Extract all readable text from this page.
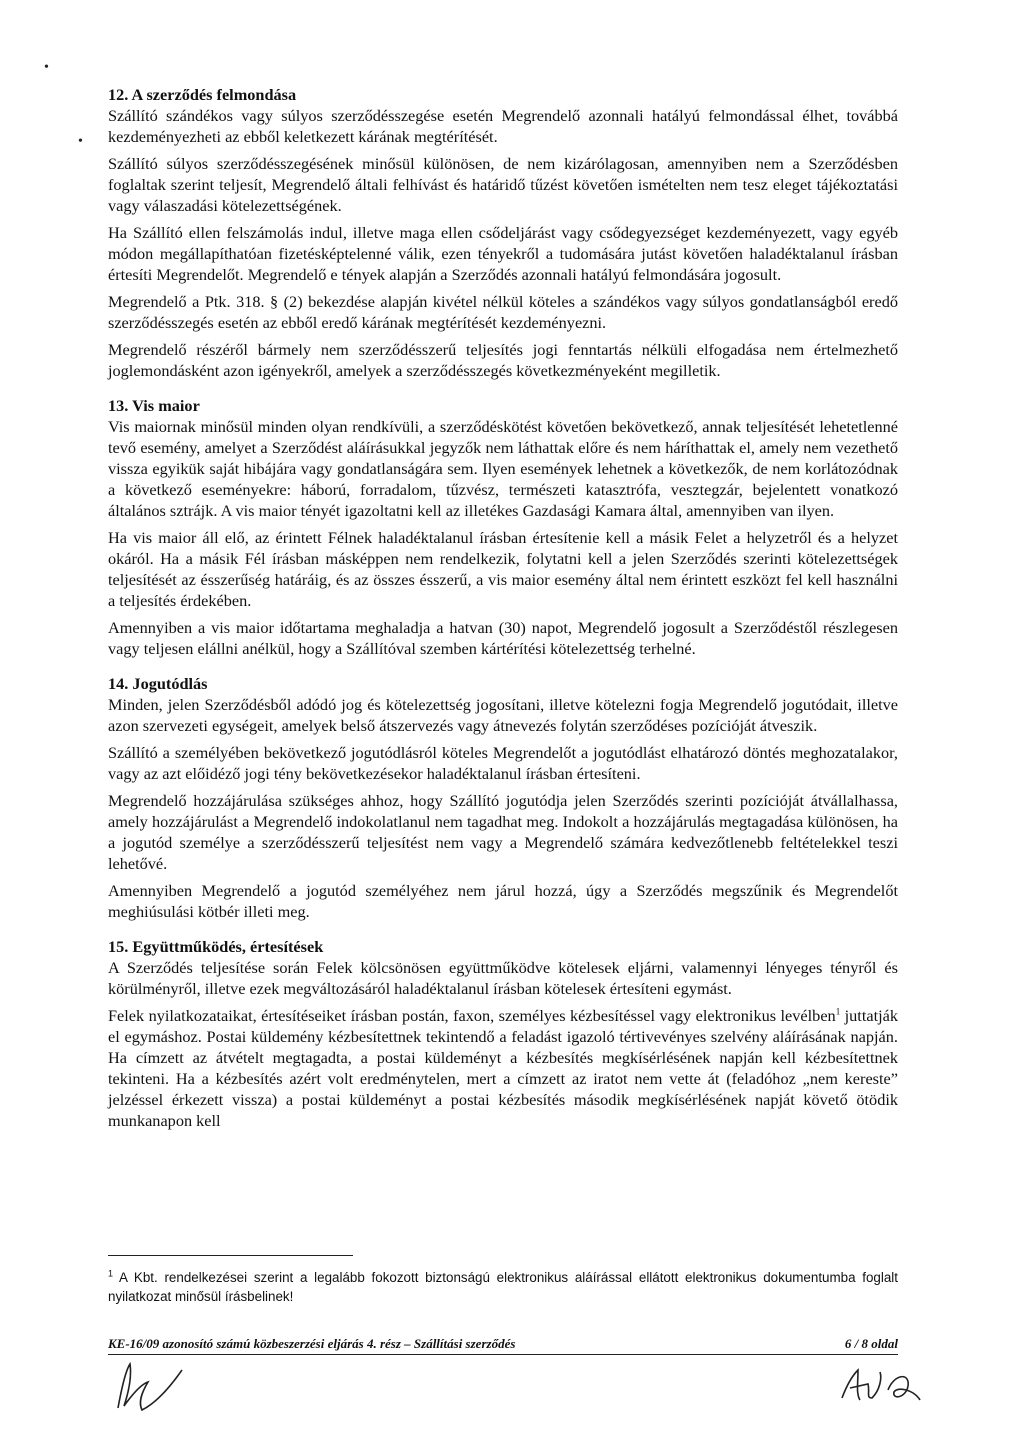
•
•
12. A szerződés felmondása

Szállító szándékos vagy súlyos szerződésszegése esetén Megrendelő azonnali hatályú felmondással élhet, továbbá kezdeményezheti az ebből keletkezett kárának megtérítését.

Szállító súlyos szerződésszegésének minősül különösen, de nem kizárólagosan, amennyiben nem a Szerződésben foglaltak szerint teljesít, Megrendelő általi felhívást és határidő tűzést követően ismételten nem tesz eleget tájékoztatási vagy válaszadási kötelezettségének.

Ha Szállító ellen felszámolás indul, illetve maga ellen csődeljárást vagy csődegyezséget kezdeményezett, vagy egyéb módon megállapíthatóan fizetésképtelenné válik, ezen tényekről a tudomására jutást követően haladéktalanul írásban értesíti Megrendelőt. Megrendelő e tények alapján a Szerződés azonnali hatályú felmondására jogosult.

Megrendelő a Ptk. 318. § (2) bekezdése alapján kivétel nélkül köteles a szándékos vagy súlyos gondatlanságból eredő szerződésszegés esetén az ebből eredő kárának megtérítését kezdeményezni.

Megrendelő részéről bármely nem szerződésszerű teljesítés jogi fenntartás nélküli elfogadása nem értelmezhető joglemondásként azon igényekről, amelyek a szerződésszegés következményeként megilletik.

13. Vis maior

Vis maiornak minősül minden olyan rendkívüli, a szerződéskötést követően bekövetkező, annak teljesítését lehetetlenné tevő esemény, amelyet a Szerződést aláírásukkal jegyzők nem láthattak előre és nem háríthattak el, amely nem vezethető vissza egyikük saját hibájára vagy gondatlanságára sem. Ilyen események lehetnek a következők, de nem korlátozódnak a következő eseményekre: háború, forradalom, tűzvész, természeti katasztrófa, vesztegzár, bejelentett vonatkozó általános sztrájk. A vis maior tényét igazoltatni kell az illetékes Gazdasági Kamara által, amennyiben van ilyen.

Ha vis maior áll elő, az érintett Félnek haladéktalanul írásban értesítenie kell a másik Felet a helyzetről és a helyzet okáról. Ha a másik Fél írásban másképpen nem rendelkezik, folytatni kell a jelen Szerződés szerinti kötelezettségek teljesítését az ésszerűség határáig, és az összes ésszerű, a vis maior esemény által nem érintett eszközt fel kell használni a teljesítés érdekében.

Amennyiben a vis maior időtartama meghaladja a hatvan (30) napot, Megrendelő jogosult a Szerződéstől részlegesen vagy teljesen elállni anélkül, hogy a Szállítóval szemben kártérítési kötelezettség terhelné.

14. Jogutódlás

Minden, jelen Szerződésből adódó jog és kötelezettség jogosítani, illetve kötelezni fogja Megrendelő jogutódait, illetve azon szervezeti egységeit, amelyek belső átszervezés vagy átnevezés folytán szerződéses pozícióját átveszik.

Szállító a személyében bekövetkező jogutódlásról köteles Megrendelőt a jogutódlást elhatározó döntés meghozatalakor, vagy az azt előidéző jogi tény bekövetkezésekor haladéktalanul írásban értesíteni.

Megrendelő hozzájárulása szükséges ahhoz, hogy Szállító jogutódja jelen Szerződés szerinti pozícióját átvállalhassa, amely hozzájárulást a Megrendelő indokolatlanul nem tagadhat meg. Indokolt a hozzájárulás megtagadása különösen, ha a jogutód személye a szerződésszerű teljesítést nem vagy a Megrendelő számára kedvezőtlenebb feltételekkel teszi lehetővé.

Amennyiben Megrendelő a jogutód személyéhez nem járul hozzá, úgy a Szerződés megszűnik és Megrendelőt meghiúsulási kötbér illeti meg.

15. Együttműködés, értesítések

A Szerződés teljesítése során Felek kölcsönösen együttműködve kötelesek eljárni, valamennyi lényeges tényről és körülményről, illetve ezek megváltozásáról haladéktalanul írásban kötelesek értesíteni egymást.

Felek nyilatkozataikat, értesítéseiket írásban postán, faxon, személyes kézbesítéssel vagy elektronikus levélben$^1$ juttatják el egymáshoz. Postai küldemény kézbesítettnek tekintendő a feladást igazoló tértivevényes szelvény aláírásának napján. Ha címzett az átvételt megtagadta, a postai küldeményt a kézbesítés megkísérlésének napján kell kézbesítettnek tekinteni. Ha a kézbesítés azért volt eredménytelen, mert a címzett az iratot nem vette át (feladóhoz „nem kereste” jelzéssel érkezett vissza) a postai küldeményt a postai kézbesítés második megkísérlésének napját követő ötödik munkanapon kell

$^1$ A Kbt. rendelkezései szerint a legalább fokozott biztonságú elektronikus aláírással ellátott elektronikus dokumentumba foglalt nyilatkozat minősül írásbelinek!
KE-16/09 azonosító számú közbeszerzési eljárás 4. rész – Szállítási szerződés	6 / 8 oldal
